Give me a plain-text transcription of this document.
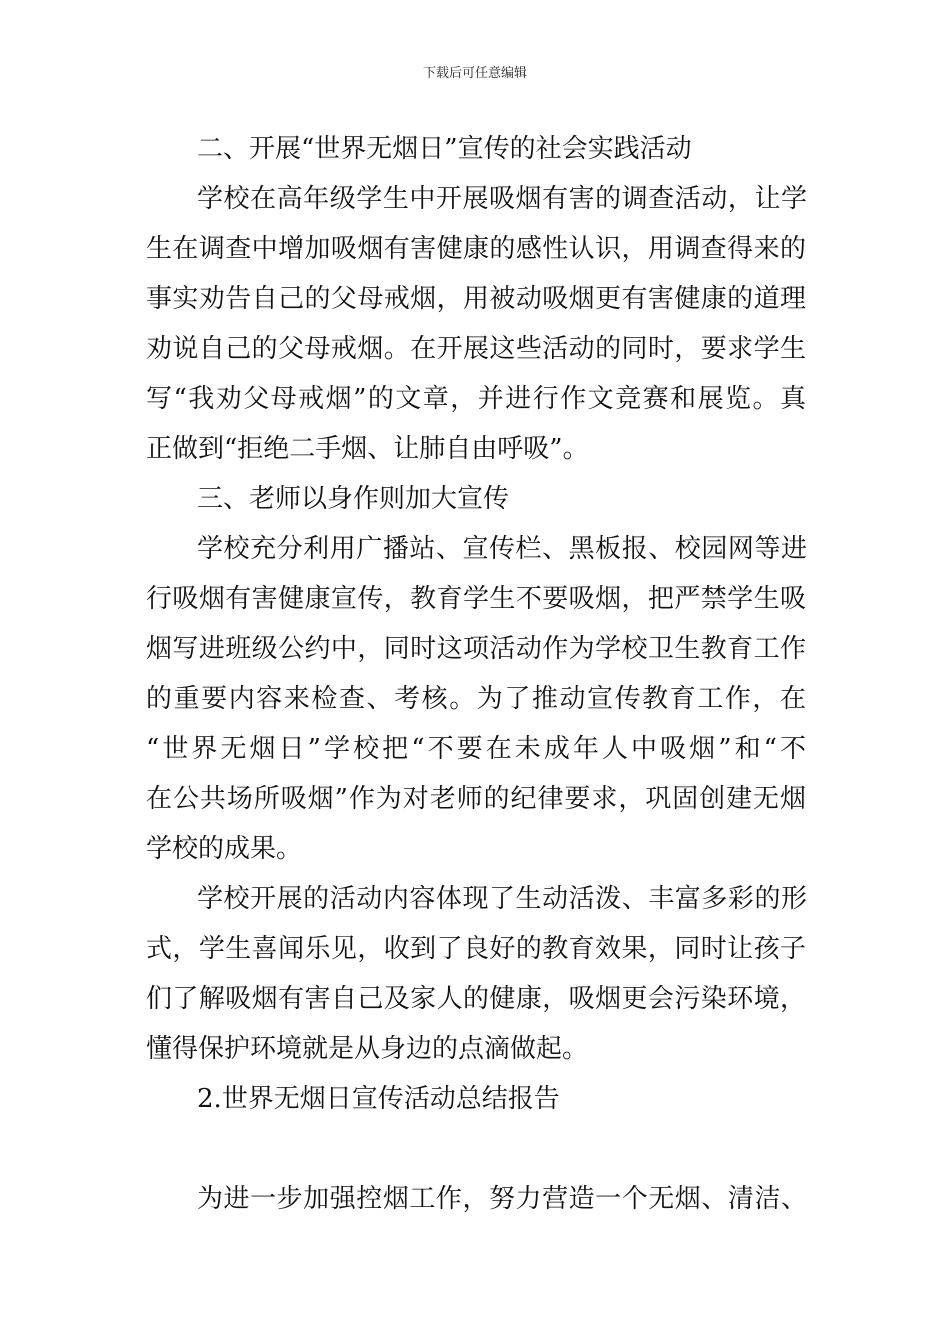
下载后可任意编辑
二、开展“世界无烟日”宣传的社会实践活动
学校在高年级学生中开展吸烟有害的调查活动，让学
生在调查中增加吸烟有害健康的感性认识，用调查得来的
事实劝告自己的父母戒烟，用被动吸烟更有害健康的道理
劝说自己的父母戒烟。在开展这些活动的同时，要求学生
写“我劝父母戒烟”的文章，并进行作文竞赛和展览。真
正做到“拒绝二手烟、让肺自由呼吸”。
三、老师以身作则加大宣传
学校充分利用广播站、宣传栏、黑板报、校园网等进
行吸烟有害健康宣传，教育学生不要吸烟，把严禁学生吸
烟写进班级公约中，同时这项活动作为学校卫生教育工作
的重要内容来检查、考核。为了推动宣传教育工作，在
“世界无烟日”学校把“不要在未成年人中吸烟”和“不
在公共场所吸烟”作为对老师的纪律要求，巩固创建无烟
学校的成果。
学校开展的活动内容体现了生动活泼、丰富多彩的形
式，学生喜闻乐见，收到了良好的教育效果，同时让孩子
们了解吸烟有害自己及家人的健康，吸烟更会污染环境，
懂得保护环境就是从身边的点滴做起。
2.世界无烟日宣传活动总结报告
为进一步加强控烟工作，努力营造一个无烟、清洁、
